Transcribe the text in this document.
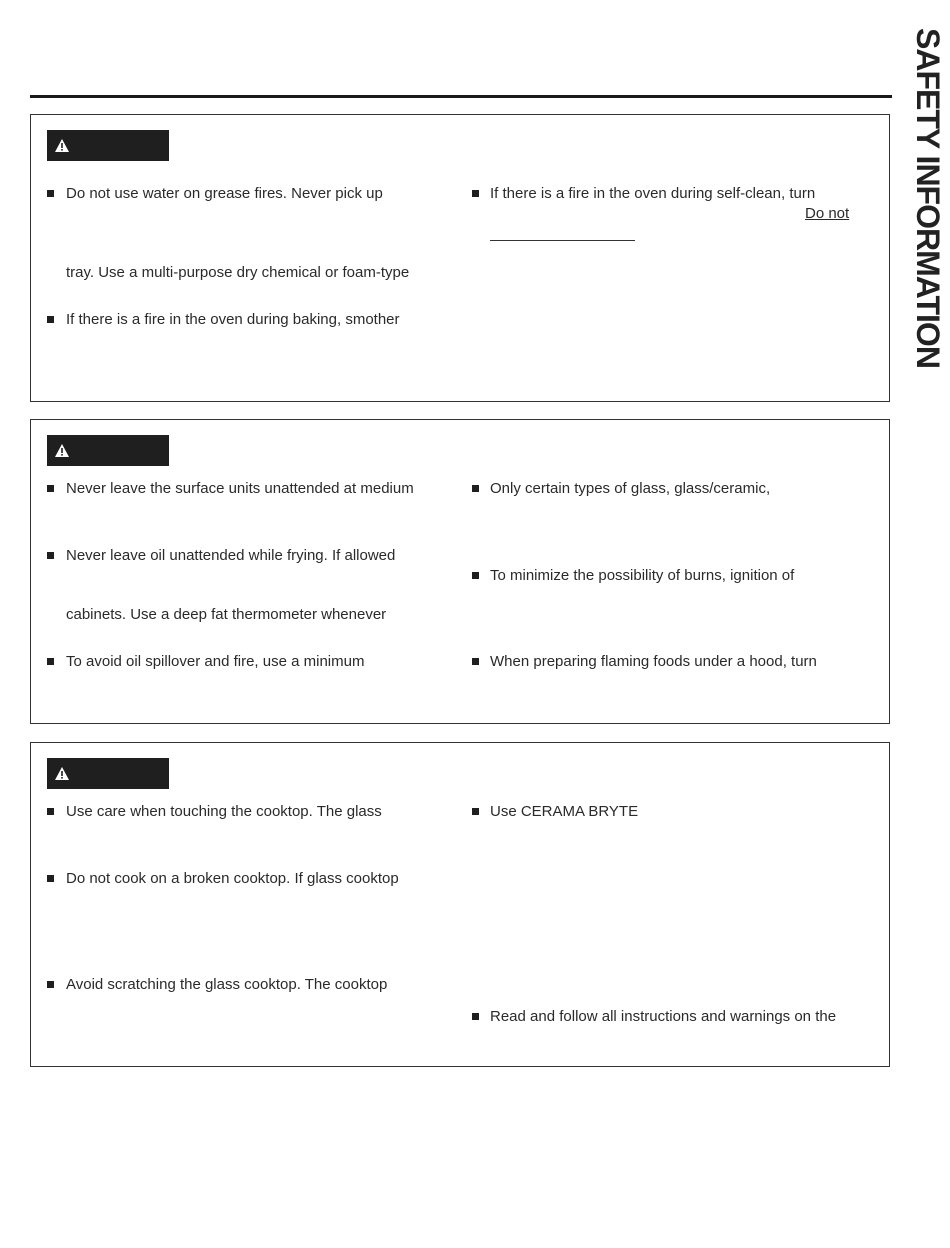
SAFETY INFORMATION
Do not use water on grease fires. Never pick up
tray. Use a multi-purpose dry chemical or foam-type
If there is a fire in the oven during baking, smother
If there is a fire in the oven during self-clean, turn
Do not
Never leave the surface units unattended at medium
Never leave oil unattended while frying. If allowed
cabinets. Use a deep fat thermometer whenever
To avoid oil spillover and fire, use a minimum
Only certain types of glass, glass/ceramic,
To minimize the possibility of burns, ignition of
When preparing flaming foods under a hood, turn
Use care when touching the cooktop. The glass
Do not cook on a broken cooktop. If glass cooktop
Avoid scratching the glass cooktop. The cooktop
Use CERAMA BRYTE
Read and follow all instructions and warnings on the
